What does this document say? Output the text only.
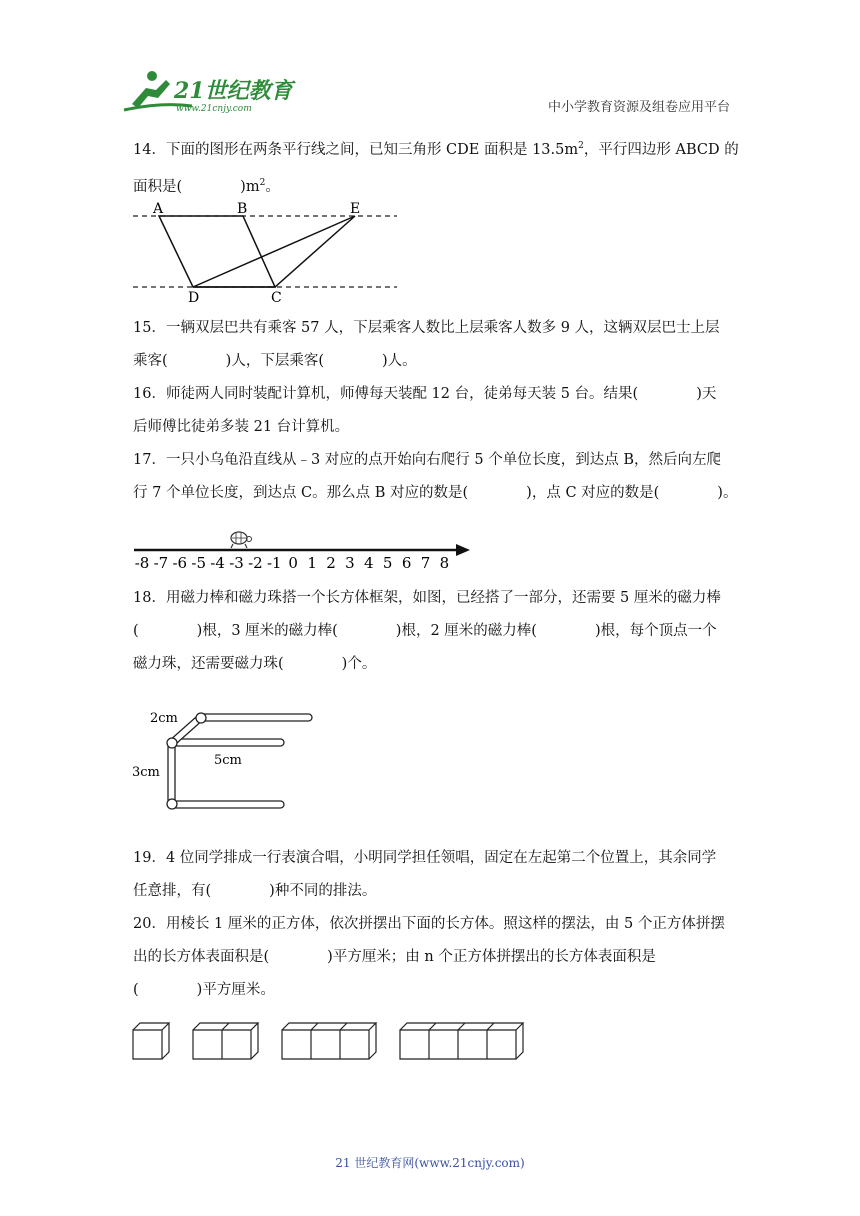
21世纪教育
www.21cnjy.com	中小学教育资源及组卷应用平台
14．下面的图形在两条平行线之间，已知三角形 CDE 面积是 $13.5m^2$，平行四边形 ABCD 的
面积是(　　　　)$m^2$。
A	B	E
D	C
15．一辆双层巴共有乘客 57 人，下层乘客人数比上层乘客人数多 9 人，这辆双层巴士上层
乘客(　　　　)人，下层乘客(　　　　)人。
16．师徒两人同时装配计算机，师傅每天装配 12 台，徒弟每天装 5 台。结果(　　　　)天
后师傅比徒弟多装 21 台计算机。
17．一只小乌龟沿直线从﹣3 对应的点开始向右爬行 5 个单位长度，到达点 B，然后向左爬
行 7 个单位长度，到达点 C。那么点 B 对应的数是(　　　　)，点 C 对应的数是(　　　　)。
-8 -7 -6 -5 -4 -3 -2 -1 0 1 2 3 4 5 6 7 8
18．用磁力棒和磁力珠搭一个长方体框架，如图，已经搭了一部分，还需要 5 厘米的磁力棒
(　　　　)根，3 厘米的磁力棒(　　　　)根，2 厘米的磁力棒(　　　　)根，每个顶点一个
磁力珠，还需要磁力珠(　　　　)个。
2cm
5cm
3cm
19．4 位同学排成一行表演合唱，小明同学担任领唱，固定在左起第二个位置上，其余同学
任意排，有(　　　　)种不同的排法。
20．用棱长 1 厘米的正方体，依次拼摆出下面的长方体。照这样的摆法，由 5 个正方体拼摆
出的长方体表面积是(　　　　)平方厘米；由 n 个正方体拼摆出的长方体表面积是
(　　　　)平方厘米。
21 世纪教育网(www.21cnjy.com)
